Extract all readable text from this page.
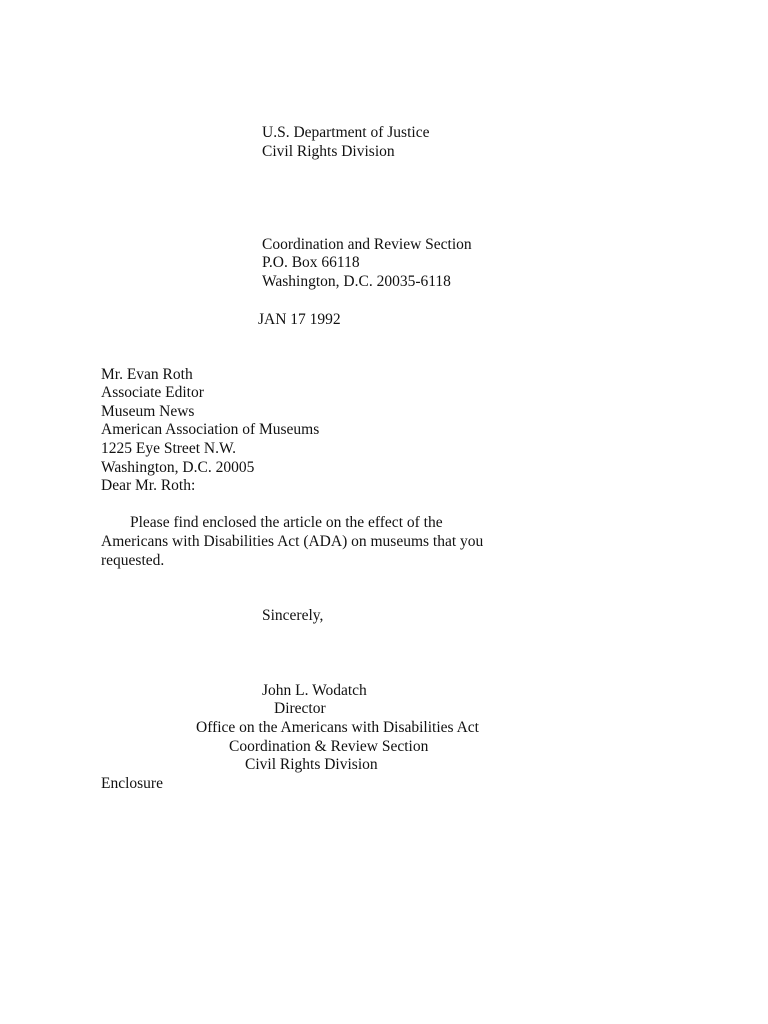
U.S. Department of Justice
Civil Rights Division
Coordination and Review Section
P.O. Box 66118
Washington, D.C. 20035-6118
JAN 17 1992
Mr. Evan Roth
Associate Editor
Museum News
American Association of Museums
1225 Eye Street N.W.
Washington, D.C. 20005
Dear Mr. Roth:
Please find enclosed the article on the effect of the
Americans with Disabilities Act (ADA) on museums that you
requested.
Sincerely,
John L. Wodatch
Director
Office on the Americans with Disabilities Act
Coordination & Review Section
Civil Rights Division
Enclosure
